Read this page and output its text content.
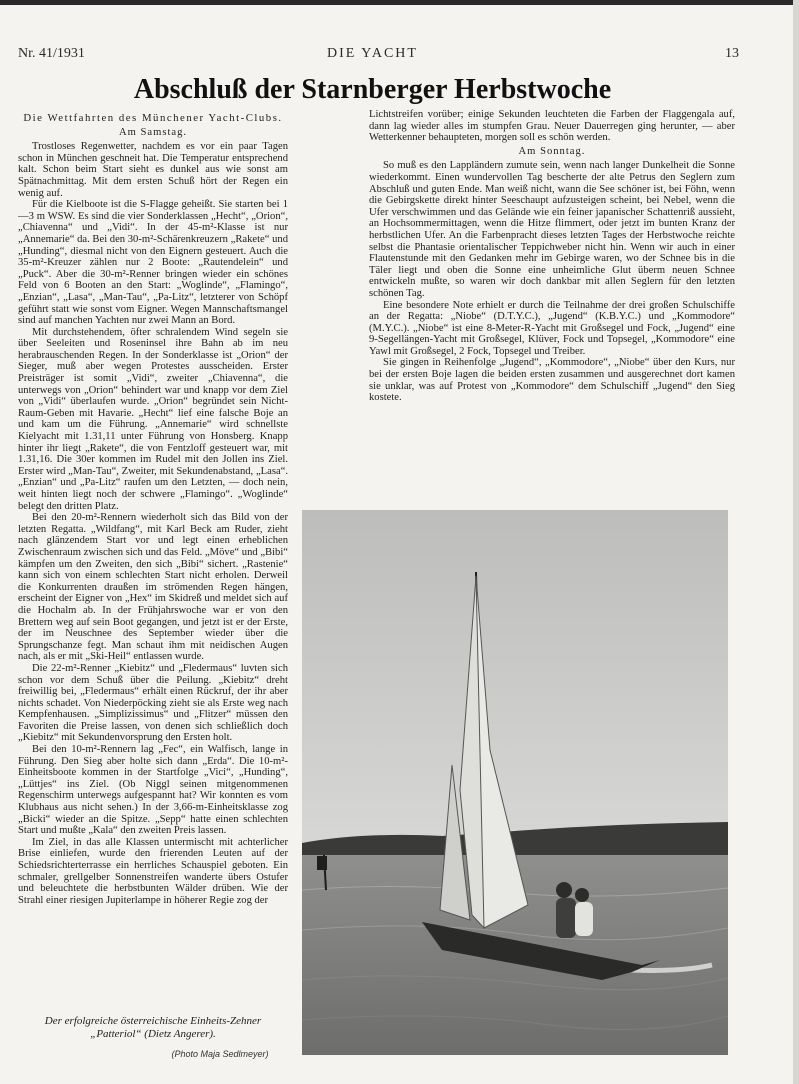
Nr. 41/1931	DIE YACHT	13
Abschluß der Starnberger Herbstwoche

Die Wettfahrten des Münchener Yacht-Clubs.

Am Samstag.

Trostloses Regenwetter, nachdem es vor ein paar Tagen schon in München geschneit hat. Die Temperatur entsprechend kalt. Schon beim Start sieht es dunkel aus wie sonst am Spätnachmittag. Mit dem ersten Schuß hört der Regen ein wenig auf.

Für die Kielboote ist die S-Flagge geheißt. Sie starten bei 1—3 m WSW. Es sind die vier Sonderklassen „Hecht“, „Orion“, „Chiavenna“ und „Vidi“. In der 45-m²-Klasse ist nur „Annemarie“ da. Bei den 30-m²-Schärenkreuzern „Rakete“ und „Hunding“, diesmal nicht von den Eignern gesteuert. Auch die 35-m²-Kreuzer zählen nur 2 Boote: „Rautendelein“ und „Puck“. Aber die 30-m²-Renner bringen wieder ein schönes Feld von 6 Booten an den Start: „Woglinde“, „Flamingo“, „Enzian“, „Lasa“, „Man-Tau“, „Pa-Litz“, letzterer von Schöpf geführt statt wie sonst vom Eigner. Wegen Mannschaftsmangel sind auf manchen Yachten nur zwei Mann an Bord.

Mit durchstehendem, öfter schralendem Wind segeln sie über Seeleiten und Roseninsel ihre Bahn ab im neu herabrauschenden Regen. In der Sonderklasse ist „Orion“ der Sieger, muß aber wegen Protestes ausscheiden. Erster Preisträger ist somit „Vidi“, zweiter „Chiavenna“, die unterwegs von „Orion“ behindert war und knapp vor dem Ziel von „Vidi“ überlaufen wurde. „Orion“ begründet sein Nicht-Raum-Geben mit Havarie. „Hecht“ lief eine falsche Boje an und kam um die Führung. „Annemarie“ wird schnellste Kielyacht mit 1.31,11 unter Führung von Honsberg. Knapp hinter ihr liegt „Rakete“, die von Fentzloff gesteuert war, mit 1.31,16. Die 30er kommen im Rudel mit den Jollen ins Ziel. Erster wird „Man-Tau“, Zweiter, mit Sekundenabstand, „Lasa“. „Enzian“ und „Pa-Litz“ raufen um den Letzten, — doch nein, weit hinten liegt noch der schwere „Flamingo“. „Woglinde“ belegt den dritten Platz.

Bei den 20-m²-Rennern wiederholt sich das Bild von der letzten Regatta. „Wildfang“, mit Karl Beck am Ruder, zieht nach glänzendem Start vor und legt einen erheblichen Zwischenraum zwischen sich und das Feld. „Möve“ und „Bibi“ kämpfen um den Zweiten, den sich „Bibi“ sichert. „Rastenie“ kann sich von einem schlechten Start nicht erholen. Derweil die Konkurrenten draußen im strömenden Regen hängen, erscheint der Eigner von „Hex“ im Skidreß und meldet sich auf die Hochalm ab. In der Frühjahrswoche war er von den Brettern weg auf sein Boot gegangen, und jetzt ist er der Erste, der im Neuschnee des September wieder über die Sprungschanze fegt. Man schaut ihm mit neidischen Augen nach, als er mit „Ski-Heil“ entlassen wurde.

Die 22-m²-Renner „Kiebitz“ und „Fledermaus“ luvten sich schon vor dem Schuß über die Peilung. „Kiebitz“ dreht freiwillig bei, „Fledermaus“ erhält einen Rückruf, der ihr aber nichts schadet. Von Niederpöcking zieht sie als Erste weg nach Kempfenhausen. „Simplizissimus“ und „Flitzer“ müssen den Favoriten die Preise lassen, von denen sich schließlich doch „Kiebitz“ mit Sekundenvorsprung den Ersten holt.

Bei den 10-m²-Rennern lag „Fec“, ein Walfisch, lange in Führung. Den Sieg aber holte sich dann „Erda“. Die 10-m²-Einheitsboote kommen in der Startfolge „Vici“, „Hunding“, „Lüttjes“ ins Ziel. (Ob Niggl seinen mitgenommenen Regenschirm unterwegs aufgespannt hat? Wir konnten es vom Klubhaus aus nicht sehen.) In der 3,66-m-Einheitsklasse zog „Bicki“ wieder an die Spitze. „Sepp“ hatte einen schlechten Start und mußte „Kala“ den zweiten Preis lassen.

Im Ziel, in das alle Klassen untermischt mit achterlicher Brise einliefen, wurde den frierenden Leuten auf der Schiedsrichterterrasse ein herrliches Schauspiel geboten. Ein schmaler, grellgelber Sonnenstreifen wanderte übers Ostufer und beleuchtete die herbstbunten Wälder drüben. Wie der Strahl einer riesigen Jupiterlampe in höherer Regie zog der

Lichtstreifen vorüber; einige Sekunden leuchteten die Farben der Flaggengala auf, dann lag wieder alles im stumpfen Grau. Neuer Dauerregen ging herunter, — aber Wetterkenner behaupteten, morgen soll es schön werden.

Am Sonntag.

So muß es den Lappländern zumute sein, wenn nach langer Dunkelheit die Sonne wiederkommt. Einen wundervollen Tag bescherte der alte Petrus den Seglern zum Abschluß und guten Ende. Man weiß nicht, wann die See schöner ist, bei Föhn, wenn die Gebirgskette direkt hinter Seeschaupt aufzusteigen scheint, bei Nebel, wenn die Ufer verschwimmen und das Gelände wie ein feiner japanischer Schattenriß aussieht, an Hochsommermittagen, wenn die Hitze flimmert, oder jetzt im bunten Kranz der herbstlichen Ufer. An die Farbenpracht dieses letzten Tages der Herbstwoche reichte selbst die Phantasie orientalischer Teppichweber nicht hin. Wenn wir auch in einer Flautenstunde mit den Gedanken mehr im Gebirge waren, wo der Schnee bis in die Täler liegt und oben die Sonne eine unheimliche Glut überm neuen Schnee entwickeln mußte, so waren wir doch dankbar mit allen Seglern für den letzten schönen Tag.

Eine besondere Note erhielt er durch die Teilnahme der drei großen Schulschiffe an der Regatta: „Niobe“ (D.T.Y.C.), „Jugend“ (K.B.Y.C.) und „Kommodore“ (M.Y.C.). „Niobe“ ist eine 8-Meter-R-Yacht mit Großsegel und Fock, „Jugend“ eine 9-Segellängen-Yacht mit Großsegel, Klüver, Fock und Topsegel, „Kommodore“ eine Yawl mit Großsegel, 2 Fock, Topsegel und Treiber.

Sie gingen in Reihenfolge „Jugend“, „Kommodore“, „Niobe“ über den Kurs, nur bei der ersten Boje lagen die beiden ersten zusammen und ausgerechnet dort kamen sie unklar, was auf Protest von „Kommodore“ dem Schulschiff „Jugend“ den Sieg kostete.

Der erfolgreiche österreichische Einheits-Zehner „Patteriol“ (Dietz Angerer).
(Photo Maja Sedlmeyer)
